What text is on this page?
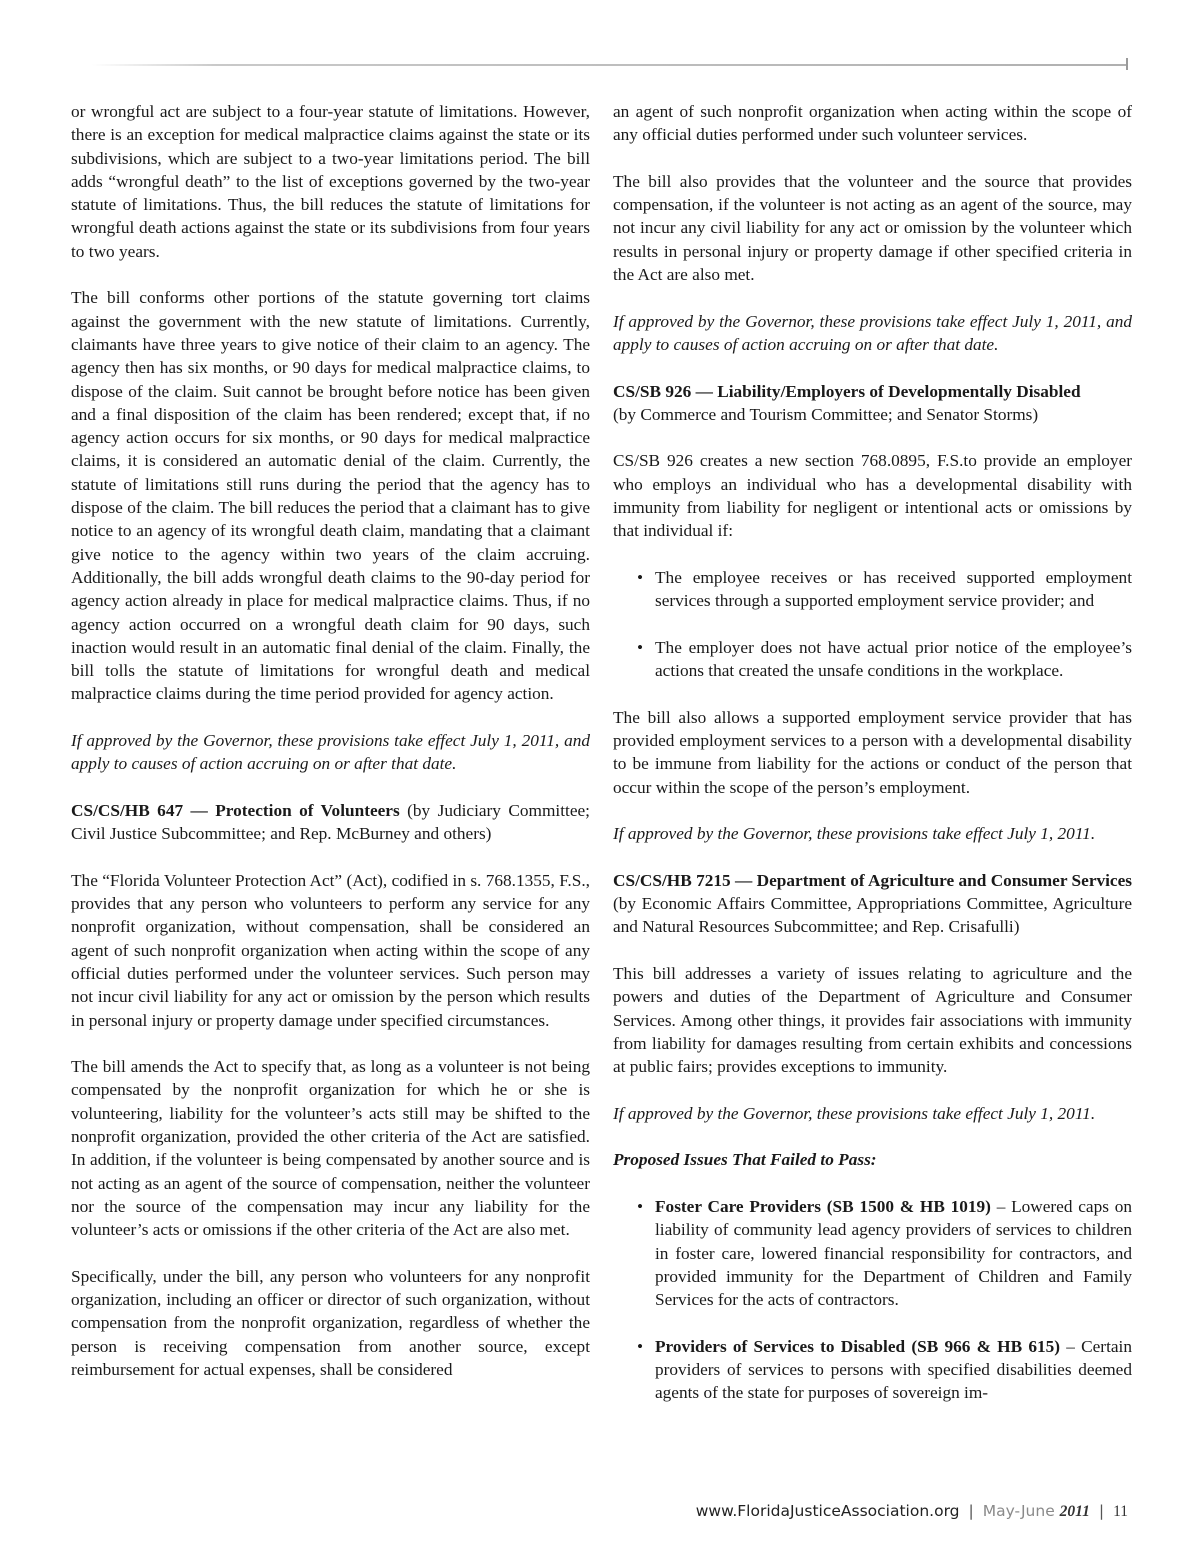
or wrongful act are subject to a four-year statute of limitations. However, there is an exception for medical malpractice claims against the state or its subdivisions, which are subject to a two-year limitations period. The bill adds “wrongful death” to the list of exceptions governed by the two-year statute of limitations. Thus, the bill reduces the statute of limitations for wrongful death actions against the state or its subdivisions from four years to two years.

The bill conforms other portions of the statute governing tort claims against the government with the new statute of limitations. Currently, claimants have three years to give notice of their claim to an agency. The agency then has six months, or 90 days for medical malpractice claims, to dispose of the claim. Suit cannot be brought before notice has been given and a final disposition of the claim has been rendered; except that, if no agency action occurs for six months, or 90 days for medical malpractice claims, it is considered an automatic denial of the claim. Currently, the statute of limitations still runs during the period that the agency has to dispose of the claim. The bill reduces the period that a claimant has to give notice to an agency of its wrongful death claim, mandating that a claimant give notice to the agency within two years of the claim accruing. Additionally, the bill adds wrongful death claims to the 90-day period for agency action already in place for medical malpractice claims. Thus, if no agency action occurred on a wrongful death claim for 90 days, such inaction would result in an automatic final denial of the claim. Finally, the bill tolls the statute of limitations for wrongful death and medical malpractice claims during the time period provided for agency action.

If approved by the Governor, these provisions take effect July 1, 2011, and apply to causes of action accruing on or after that date.

CS/CS/HB 647 — Protection of Volunteers (by Judiciary Committee; Civil Justice Subcommittee; and Rep. McBurney and others)

The “Florida Volunteer Protection Act” (Act), codified in s. 768.1355, F.S., provides that any person who volunteers to perform any service for any nonprofit organization, without compensation, shall be considered an agent of such nonprofit organization when acting within the scope of any official duties performed under the volunteer services. Such person may not incur civil liability for any act or omission by the person which results in personal injury or property damage under specified circumstances.

The bill amends the Act to specify that, as long as a volunteer is not being compensated by the nonprofit organization for which he or she is volunteering, liability for the volunteer’s acts still may be shifted to the nonprofit organization, provided the other criteria of the Act are satisfied. In addition, if the volunteer is being compensated by another source and is not acting as an agent of the source of compensation, neither the volunteer nor the source of the compensation may incur any liability for the volunteer’s acts or omissions if the other criteria of the Act are also met.

Specifically, under the bill, any person who volunteers for any nonprofit organization, including an officer or director of such organization, without compensation from the nonprofit organization, regardless of whether the person is receiving compensation from another source, except reimbursement for actual expenses, shall be considered

an agent of such nonprofit organization when acting within the scope of any official duties performed under such volunteer services.

The bill also provides that the volunteer and the source that provides compensation, if the volunteer is not acting as an agent of the source, may not incur any civil liability for any act or omission by the volunteer which results in personal injury or property damage if other specified criteria in the Act are also met.

If approved by the Governor, these provisions take effect July 1, 2011, and apply to causes of action accruing on or after that date.

CS/SB 926 — Liability/Employers of Developmentally Disabled
(by Commerce and Tourism Committee; and Senator Storms)

CS/SB 926 creates a new section 768.0895, F.S.to provide an employer who employs an individual who has a developmental disability with immunity from liability for negligent or intentional acts or omissions by that individual if:

• The employee receives or has received supported employment services through a supported employment service provider; and
• The employer does not have actual prior notice of the employee’s actions that created the unsafe conditions in the workplace.

The bill also allows a supported employment service provider that has provided employment services to a person with a developmental disability to be immune from liability for the actions or conduct of the person that occur within the scope of the person’s employment.

If approved by the Governor, these provisions take effect July 1, 2011.

CS/CS/HB 7215 — Department of Agriculture and Consumer Services (by Economic Affairs Committee, Appropriations Committee, Agriculture and Natural Resources Subcommittee; and Rep. Crisafulli)

This bill addresses a variety of issues relating to agriculture and the powers and duties of the Department of Agriculture and Consumer Services. Among other things, it provides fair associations with immunity from liability for damages resulting from certain exhibits and concessions at public fairs; provides exceptions to immunity.

If approved by the Governor, these provisions take effect July 1, 2011.

Proposed Issues That Failed to Pass:

• Foster Care Providers (SB 1500 & HB 1019) – Lowered caps on liability of community lead agency providers of services to children in foster care, lowered financial responsibility for contractors, and provided immunity for the Department of Children and Family Services for the acts of contractors.
• Providers of Services to Disabled (SB 966 & HB 615) – Certain providers of services to persons with specified disabilities deemed agents of the state for purposes of sovereign im-
www.FloridaJusticeAssociation.org | May-June 2011 | 11
